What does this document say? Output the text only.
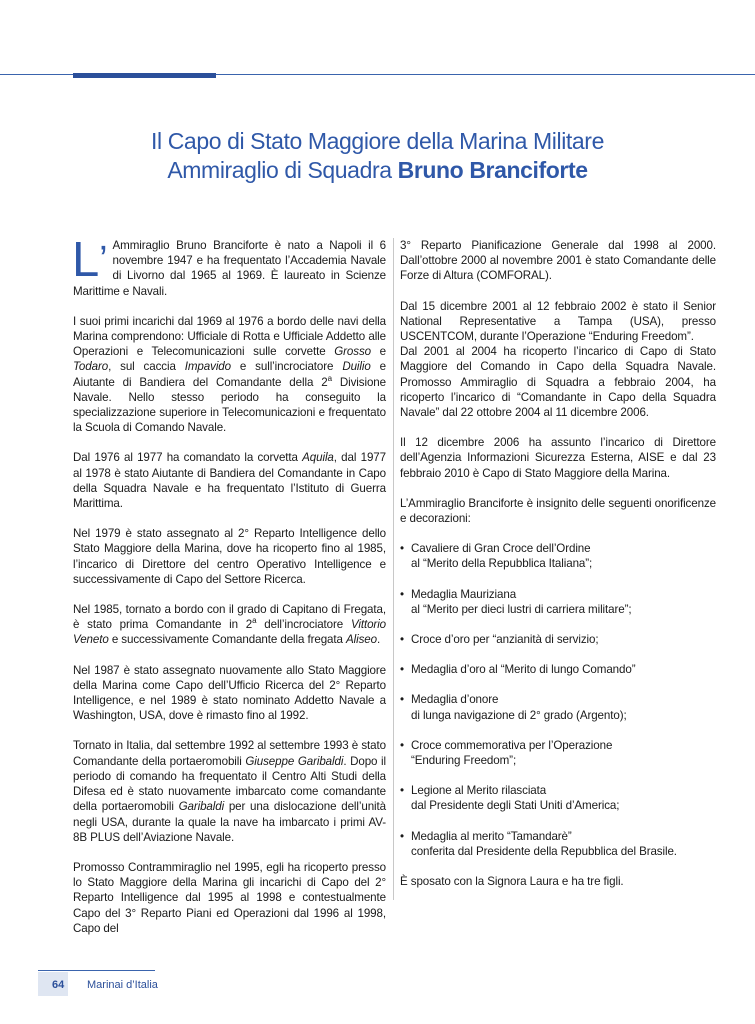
Il Capo di Stato Maggiore della Marina Militare
Ammiraglio di Squadra Bruno Branciforte

L’ Ammiraglio Bruno Branciforte è nato a Napoli il 6 novembre 1947 e ha frequentato l’Accademia Navale di Livorno dal 1965 al 1969. È laureato in Scienze Marittime e Navali.

I suoi primi incarichi dal 1969 al 1976 a bordo delle navi della Marina comprendono: Ufficiale di Rotta e Ufficiale Addetto alle Operazioni e Telecomunicazioni sulle corvette Grosso e Todaro, sul caccia Impavido e sull’incrociatore Duilio e Aiutante di Bandiera del Comandante della 2$^a$ Divisione Navale. Nello stesso periodo ha conseguito la specializzazione superiore in Telecomunicazioni e frequentato la Scuola di Comando Navale.

Dal 1976 al 1977 ha comandato la corvetta Aquila, dal 1977 al 1978 è stato Aiutante di Bandiera del Comandante in Capo della Squadra Navale e ha frequentato l’Istituto di Guerra Marittima.

Nel 1979 è stato assegnato al 2° Reparto Intelligence dello Stato Maggiore della Marina, dove ha ricoperto fino al 1985, l’incarico di Direttore del centro Operativo Intelligence e successivamente di Capo del Settore Ricerca.

Nel 1985, tornato a bordo con il grado di Capitano di Fregata, è stato prima Comandante in 2$^a$ dell’incrociatore Vittorio Veneto e successivamente Comandante della fregata Aliseo.

Nel 1987 è stato assegnato nuovamente allo Stato Maggiore della Marina come Capo dell’Ufficio Ricerca del 2° Reparto Intelligence, e nel 1989 è stato nominato Addetto Navale a Washington, USA, dove è rimasto fino al 1992.

Tornato in Italia, dal settembre 1992 al settembre 1993 è stato Comandante della portaeromobili Giuseppe Garibaldi. Dopo il periodo di comando ha frequentato il Centro Alti Studi della Difesa ed è stato nuovamente imbarcato come comandante della portaeromobili Garibaldi per una dislocazione dell’unità negli USA, durante la quale la nave ha imbarcato i primi AV-8B PLUS dell’Aviazione Navale.

Promosso Contrammiraglio nel 1995, egli ha ricoperto presso lo Stato Maggiore della Marina gli incarichi di Capo del 2° Reparto Intelligence dal 1995 al 1998 e contestualmente Capo del 3° Reparto Piani ed Operazioni dal 1996 al 1998, Capo del

3° Reparto Pianificazione Generale dal 1998 al 2000. Dall’ottobre 2000 al novembre 2001 è stato Comandante delle Forze di Altura (COMFORAL).

Dal 15 dicembre 2001 al 12 febbraio 2002 è stato il Senior National Representative a Tampa (USA), presso USCENTCOM, durante l’Operazione “Enduring Freedom”.

Dal 2001 al 2004 ha ricoperto l’incarico di Capo di Stato Maggiore del Comando in Capo della Squadra Navale. Promosso Ammiraglio di Squadra a febbraio 2004, ha ricoperto l’incarico di “Comandante in Capo della Squadra Navale” dal 22 ottobre 2004 al 11 dicembre 2006.

Il 12 dicembre 2006 ha assunto l’incarico di Direttore dell’Agenzia Informazioni Sicurezza Esterna, AISE e dal 23 febbraio 2010 è Capo di Stato Maggiore della Marina.

L’Ammiraglio Branciforte è insignito delle seguenti onorificenze e decorazioni:

• Cavaliere di Gran Croce dell’Ordine
al “Merito della Repubblica Italiana”;
• Medaglia Mauriziana
al “Merito per dieci lustri di carriera militare”;
• Croce d’oro per “anzianità di servizio;
• Medaglia d’oro al “Merito di lungo Comando”
• Medaglia d’onore
di lunga navigazione di 2° grado (Argento);
• Croce commemorativa per l’Operazione
“Enduring Freedom”;
• Legione al Merito rilasciata
dal Presidente degli Stati Uniti d’America;
• Medaglia al merito “Tamandarè”
conferita dal Presidente della Repubblica del Brasile.

È sposato con la Signora Laura e ha tre figli.

64 Marinai d’Italia
